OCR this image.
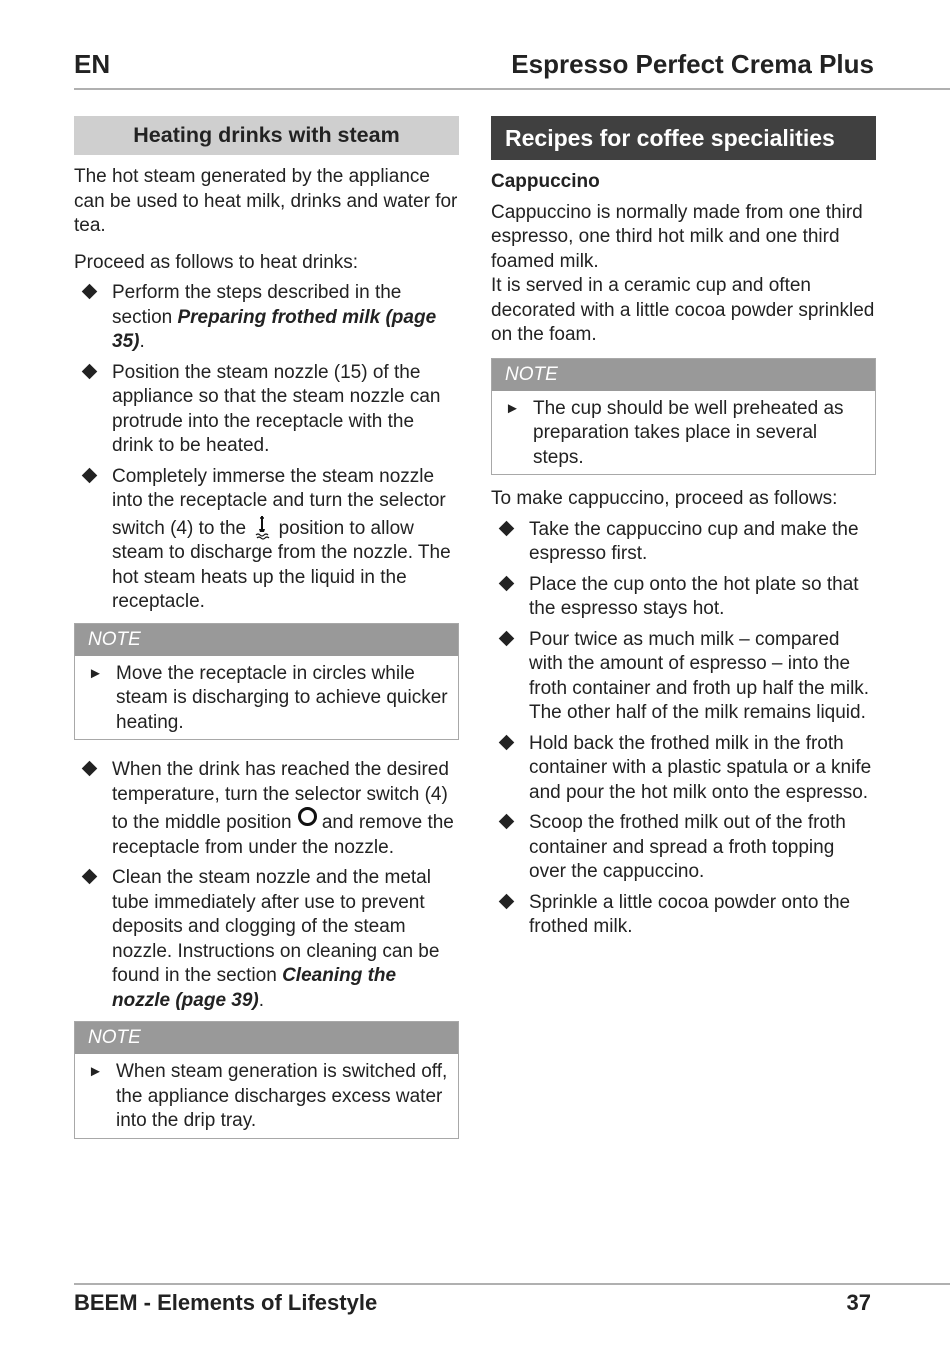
EN	Espresso Perfect Crema Plus
Heating drinks with steam

The hot steam generated by the appliance can be used to heat milk, drinks and water for tea.

Proceed as follows to heat drinks:

Perform the steps described in the section Preparing frothed milk (page 35).
Position the steam nozzle (15) of the appliance so that the steam nozzle can protrude into the receptacle with the drink to be heated.
Completely immerse the steam nozzle into the receptacle and turn the selector switch (4) to the  position to allow steam to discharge from the nozzle. The hot steam heats up the liquid in the receptacle.
NOTE
► Move the receptacle in circles while steam is discharging to achieve quicker heating.
When the drink has reached the desired temperature, turn the selector switch (4) to the middle position and remove the receptacle from under the nozzle.
Clean the steam nozzle and the metal tube immediately after use to prevent deposits and clogging of the steam nozzle. Instructions on cleaning can be found in the section Cleaning the nozzle (page 39).
NOTE
► When steam generation is switched off, the appliance discharges excess water into the drip tray.
Recipes for coffee specialities

Cappuccino

Cappuccino is normally made from one third espresso, one third hot milk and one third foamed milk.

It is served in a ceramic cup and often decorated with a little cocoa powder sprinkled on the foam.

NOTE
► The cup should be well preheated as preparation takes place in several steps.

To make cappuccino, proceed as follows:

Take the cappuccino cup and make the espresso first.
Place the cup onto the hot plate so that the espresso stays hot.
Pour twice as much milk – compared with the amount of espresso – into the froth container and froth up half the milk. The other half of the milk remains liquid.
Hold back the frothed milk in the froth container with a plastic spatula or a knife and pour the hot milk onto the espresso.
Scoop the frothed milk out of the froth container and spread a froth topping over the cappuccino.
Sprinkle a little cocoa powder onto the frothed milk.
BEEM - Elements of Lifestyle	37
